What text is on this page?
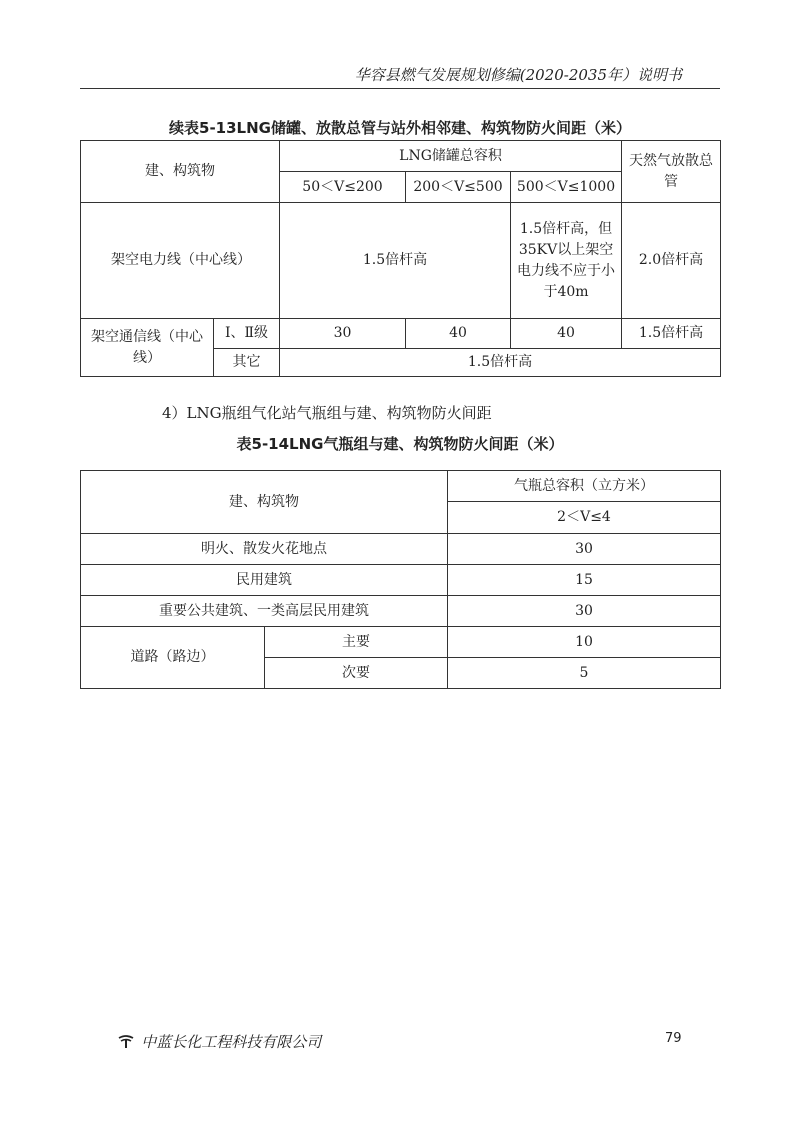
华容县燃气发展规划修编(2020-2035年）说明书
续表5-13LNG储罐、放散总管与站外相邻建、构筑物防火间距（米）
建、构筑物		LNG储罐总容积			天然气放散总管
		50＜V≤200	200＜V≤500	500＜V≤1000	
架空电力线（中心线）		1.5倍杆高		1.5倍杆高，但35KV以上架空电力线不应于小于40m	2.0倍杆高
架空通信线（中心线）	Ⅰ、Ⅱ级	30	40	40	1.5倍杆高
	其它	1.5倍杆高			
4）LNG瓶组气化站气瓶组与建、构筑物防火间距
表5-14LNG气瓶组与建、构筑物防火间距（米）
建、构筑物		气瓶总容积（立方米）
		2＜V≤4
明火、散发火花地点		30
民用建筑		15
重要公共建筑、一类高层民用建筑		30
道路（路边）	主要	10
	次要	5
中蓝长化工程科技有限公司	79
